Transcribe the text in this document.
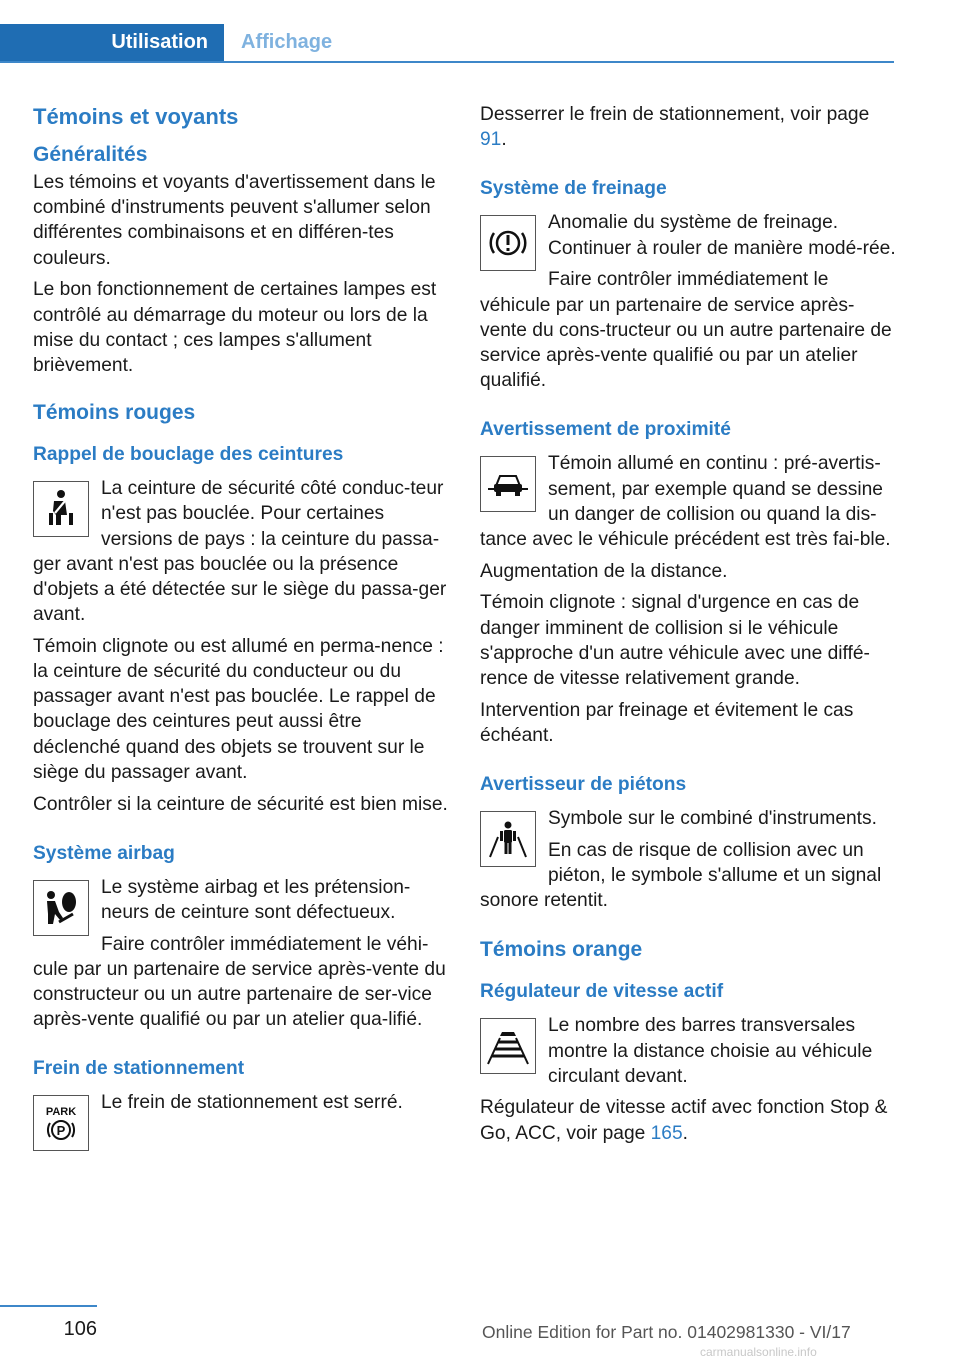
Utilisation Affichage
Témoins et voyants
Généralités

Les témoins et voyants d'avertissement dans le combiné d'instruments peuvent s'allumer selon différentes combinaisons et en différen-tes couleurs.

Le bon fonctionnement de certaines lampes est contrôlé au démarrage du moteur ou lors de la mise du contact ; ces lampes s'allument brièvement.

Témoins rouges
Rappel de bouclage des ceintures

La ceinture de sécurité côté conduc-teur n'est pas bouclée. Pour certaines versions de pays : la ceinture du passa-ger avant n'est pas bouclée ou la présence d'objets a été détectée sur le siège du passa-ger avant.

Témoin clignote ou est allumé en perma-nence : la ceinture de sécurité du conducteur ou du passager avant n'est pas bouclée. Le rappel de bouclage des ceintures peut aussi être déclenché quand des objets se trouvent sur le siège du passager avant.

Contrôler si la ceinture de sécurité est bien mise.

Système airbag

Le système airbag et les prétension-neurs de ceinture sont défectueux.

Faire contrôler immédiatement le véhi-cule par un partenaire de service après-vente du constructeur ou un autre partenaire de ser-vice après-vente qualifié ou par un atelier qua-lifié.

Frein de stationnement
PARK
P

Le frein de stationnement est serré.

Desserrer le frein de stationnement, voir page 91.

Système de freinage

Anomalie du système de freinage. Continuer à rouler de manière modé-rée.

Faire contrôler immédiatement le véhicule par un partenaire de service après-vente du cons-tructeur ou un autre partenaire de service après-vente qualifié ou par un atelier qualifié.

Avertissement de proximité

Témoin allumé en continu : pré-avertis-sement, par exemple quand se dessine un danger de collision ou quand la dis-tance avec le véhicule précédent est très fai-ble.

Augmentation de la distance.

Témoin clignote : signal d'urgence en cas de danger imminent de collision si le véhicule s'approche d'un autre véhicule avec une diffé-rence de vitesse relativement grande.

Intervention par freinage et évitement le cas échéant.

Avertisseur de piétons

Symbole sur le combiné d'instruments.

En cas de risque de collision avec un piéton, le symbole s'allume et un signal sonore retentit.

Témoins orange
Régulateur de vitesse actif

Le nombre des barres transversales montre la distance choisie au véhicule circulant devant.

Régulateur de vitesse actif avec fonction Stop & Go, ACC, voir page 165.

106	Online Edition for Part no. 01402981330 - VI/17
carmanualsonline.info
